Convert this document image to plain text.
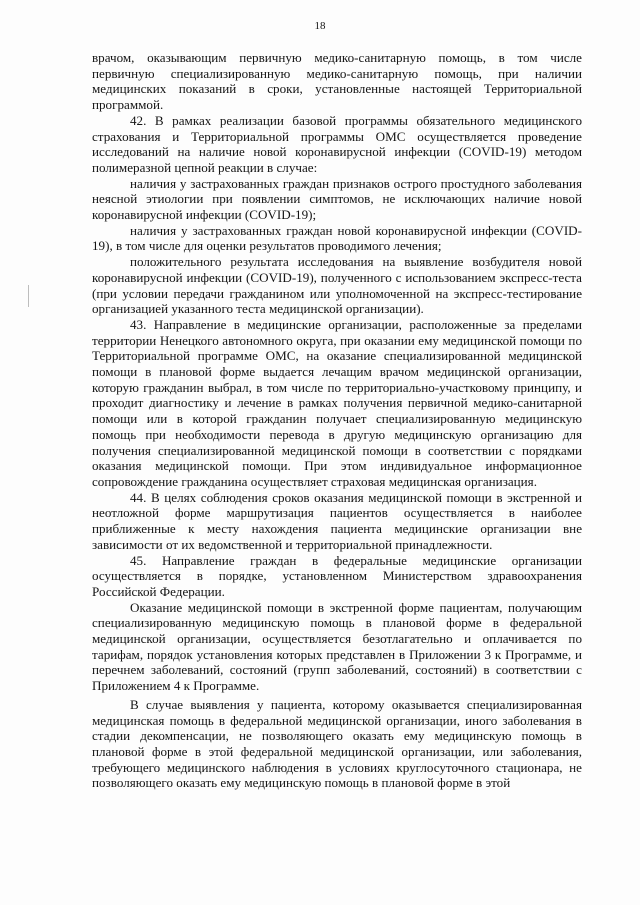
18

врачом, оказывающим первичную медико-санитарную помощь, в том числе первичную специализированную медико-санитарную помощь, при наличии медицинских показаний в сроки, установленные настоящей Территориальной программой.

42. В рамках реализации базовой программы обязательного медицинского страхования и Территориальной программы ОМС осуществляется проведение исследований на наличие новой коронавирусной инфекции (COVID-19) методом полимеразной цепной реакции в случае:

наличия у застрахованных граждан признаков острого простудного заболевания неясной этиологии при появлении симптомов, не исключающих наличие новой коронавирусной инфекции (COVID-19);

наличия у застрахованных граждан новой коронавирусной инфекции (COVID-19), в том числе для оценки результатов проводимого лечения;

положительного результата исследования на выявление возбудителя новой коронавирусной инфекции (COVID-19), полученного с использованием экспресс-теста (при условии передачи гражданином или уполномоченной на экспресс-тестирование организацией указанного теста медицинской организации).

43. Направление в медицинские организации, расположенные за пределами территории Ненецкого автономного округа, при оказании ему медицинской помощи по Территориальной программе ОМС, на оказание специализированной медицинской помощи в плановой форме выдается лечащим врачом медицинской организации, которую гражданин выбрал, в том числе по территориально-участковому принципу, и проходит диагностику и лечение в рамках получения первичной медико-санитарной помощи или в которой гражданин получает специализированную медицинскую помощь при необходимости перевода в другую медицинскую организацию для получения специализированной медицинской помощи в соответствии с порядками оказания медицинской помощи. При этом индивидуальное информационное сопровождение гражданина осуществляет страховая медицинская организация.

44. В целях соблюдения сроков оказания медицинской помощи в экстренной и неотложной форме маршрутизация пациентов осуществляется в наиболее приближенные к месту нахождения пациента медицинские организации вне зависимости от их ведомственной и территориальной принадлежности.

45. Направление граждан в федеральные медицинские организации осуществляется в порядке, установленном Министерством здравоохранения Российской Федерации.

Оказание медицинской помощи в экстренной форме пациентам, получающим специализированную медицинскую помощь в плановой форме в федеральной медицинской организации, осуществляется безотлагательно и оплачивается по тарифам, порядок установления которых представлен в Приложении 3 к Программе, и перечнем заболеваний, состояний (групп заболеваний, состояний) в соответствии с Приложением 4 к Программе.

В случае выявления у пациента, которому оказывается специализированная медицинская помощь в федеральной медицинской организации, иного заболевания в стадии декомпенсации, не позволяющего оказать ему медицинскую помощь в плановой форме в этой федеральной медицинской организации, или заболевания, требующего медицинского наблюдения в условиях круглосуточного стационара, не позволяющего оказать ему медицинскую помощь в плановой форме в этой
